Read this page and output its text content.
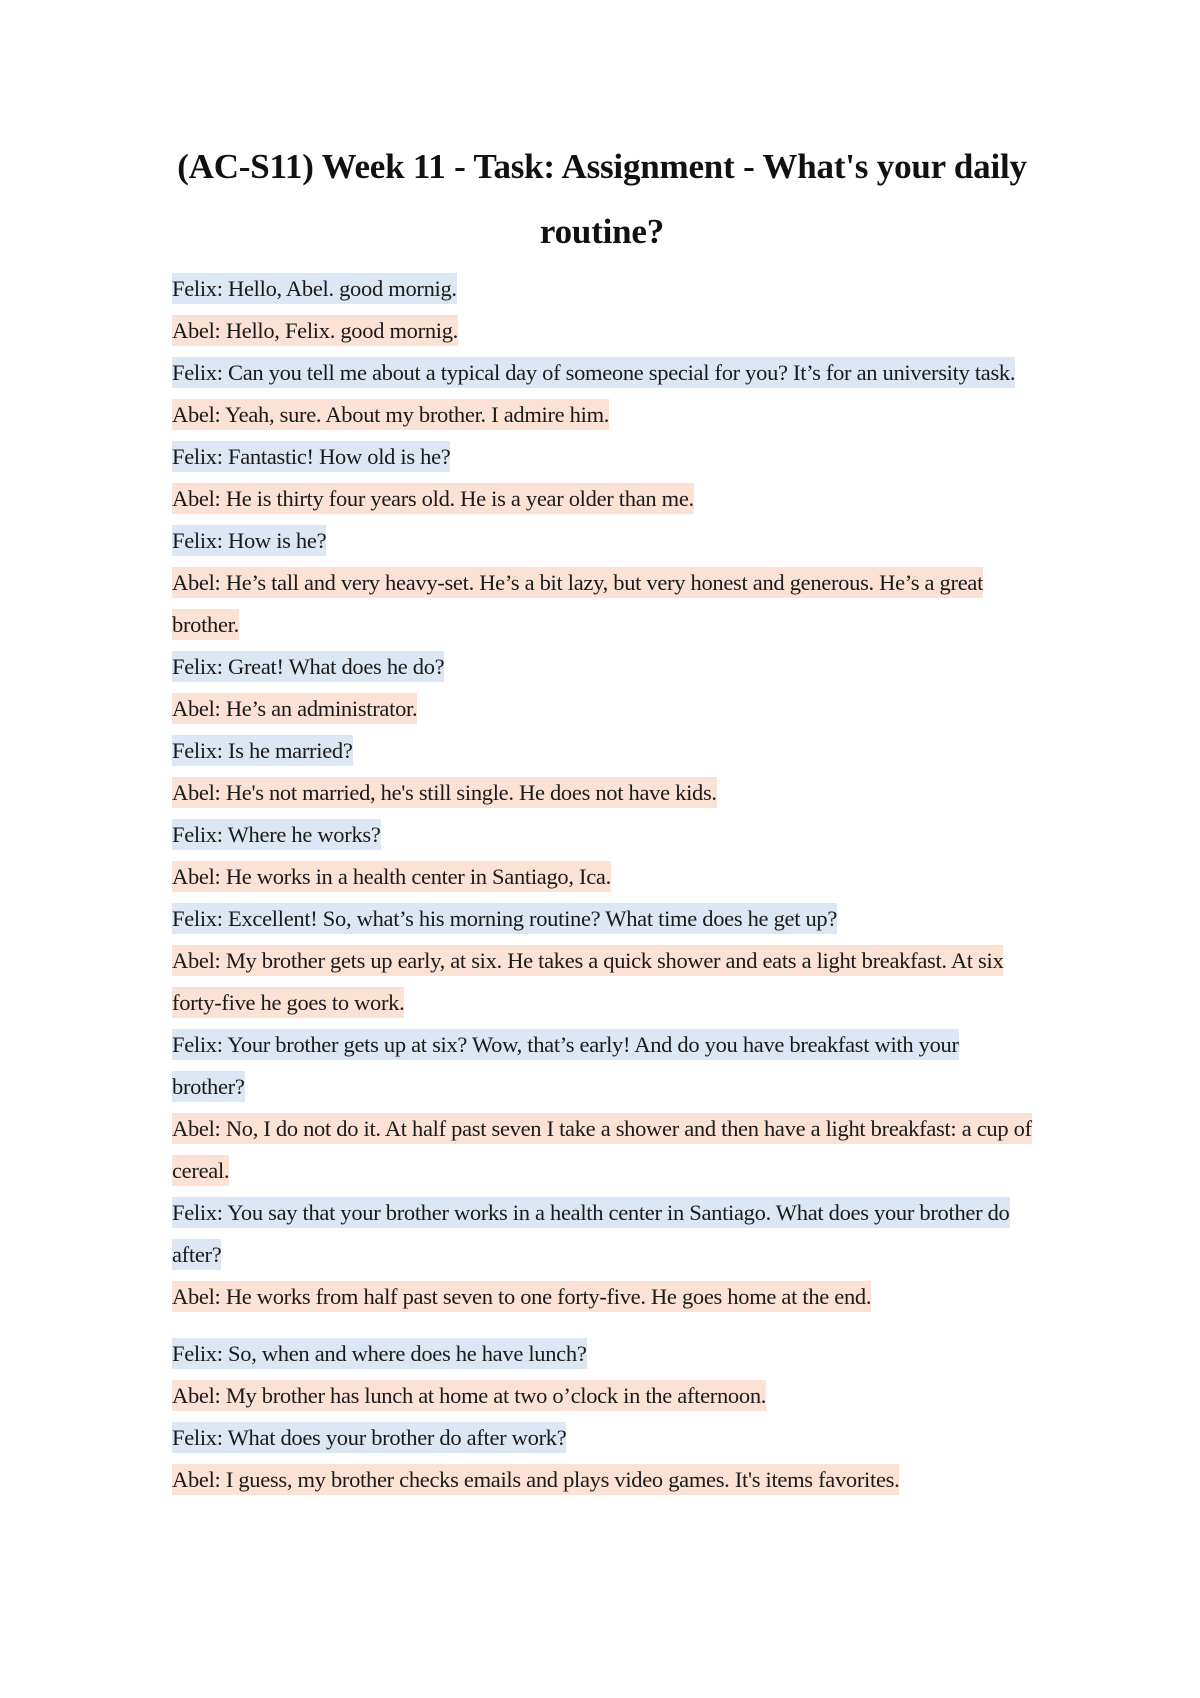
(AC-S11) Week 11 - Task: Assignment - What's your daily routine?

Felix: Hello, Abel. good mornig.

Abel: Hello, Felix. good mornig.

Felix: Can you tell me about a typical day of someone special for you? It’s for an university task.

Abel: Yeah, sure. About my brother. I admire him.

Felix: Fantastic! How old is he?

Abel: He is thirty four years old. He is a year older than me.

Felix: How is he?

Abel: He’s tall and very heavy-set. He’s a bit lazy, but very honest and generous. He’s a great brother.

Felix: Great! What does he do?

Abel: He’s an administrator.

Felix: Is he married?

Abel: He's not married, he's still single. He does not have kids.

Felix: Where he works?

Abel: He works in a health center in Santiago, Ica.

Felix: Excellent! So, what’s his morning routine? What time does he get up?

Abel: My brother gets up early, at six. He takes a quick shower and eats a light breakfast. At six forty-five he goes to work.

Felix: Your brother gets up at six? Wow, that’s early! And do you have breakfast with your brother?

Abel: No, I do not do it. At half past seven I take a shower and then have a light breakfast: a cup of cereal.

Felix: You say that your brother works in a health center in Santiago. What does your brother do after?

Abel: He works from half past seven to one forty-five. He goes home at the end.

Felix: So, when and where does he have lunch?

Abel: My brother has lunch at home at two o’clock in the afternoon.

Felix: What does your brother do after work?

Abel: I guess, my brother checks emails and plays video games. It's items favorites.
